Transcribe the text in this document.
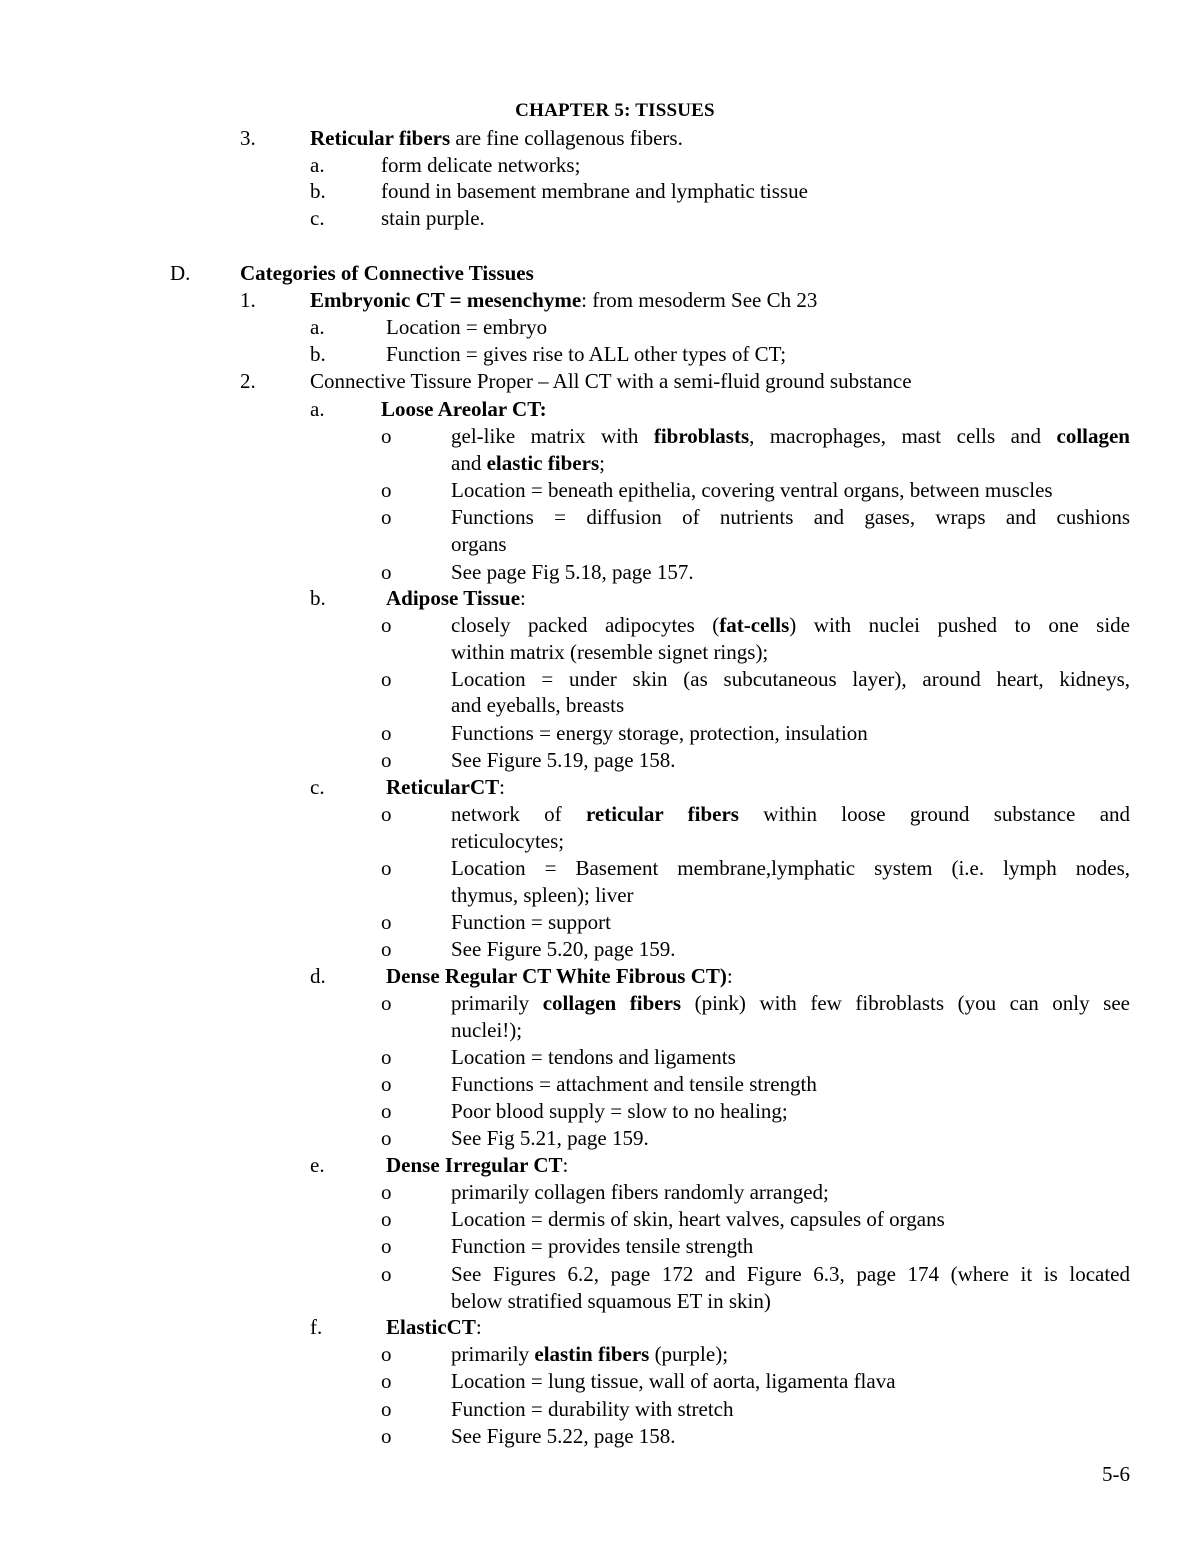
CHAPTER 5: TISSUES
3.	Reticular fibers are fine collagenous fibers.
a.	form delicate networks;
b.	found in basement membrane and lymphatic tissue
c.	stain purple.
D. Categories of Connective Tissues
1.	Embryonic CT = mesenchyme: from mesoderm See Ch 23
a.	Location = embryo
b.	Function = gives rise to ALL other types of CT;
2.	Connective Tissure Proper – All CT with a semi-fluid ground substance
a.	Loose Areolar CT:
o	gel-like matrix with fibroblasts, macrophages, mast cells and collagen
and elastic fibers;
o	Location = beneath epithelia, covering ventral organs, between muscles
o	Functions = diffusion of nutrients and gases, wraps and cushions
organs
o	See page Fig 5.18, page 157.
b.	Adipose Tissue:
o	closely packed adipocytes (fat-cells) with nuclei pushed to one side
within matrix (resemble signet rings);
o	Location = under skin (as subcutaneous layer), around heart, kidneys,
and eyeballs, breasts
o	Functions = energy storage, protection, insulation
o	See Figure 5.19, page 158.
c.	ReticularCT:
o	network of reticular fibers within loose ground substance and
reticulocytes;
o	Location = Basement membrane,lymphatic system (i.e. lymph nodes,
thymus, spleen); liver
o	Function = support
o	See Figure 5.20, page 159.
d.	Dense Regular CT White Fibrous CT):
o	primarily collagen fibers (pink) with few fibroblasts (you can only see
nuclei!);
o	Location = tendons and ligaments
o	Functions = attachment and tensile strength
o	Poor blood supply = slow to no healing;
o	See Fig 5.21, page 159.
e.	Dense Irregular CT:
o	primarily collagen fibers randomly arranged;
o	Location = dermis of skin, heart valves, capsules of organs
o	Function = provides tensile strength
o	See Figures 6.2, page 172 and Figure 6.3, page 174 (where it is located
below stratified squamous ET in skin)
f.	ElasticCT:
o	primarily elastin fibers (purple);
o	Location = lung tissue, wall of aorta, ligamenta flava
o	Function = durability with stretch
o	See Figure 5.22, page 158.
5-6
